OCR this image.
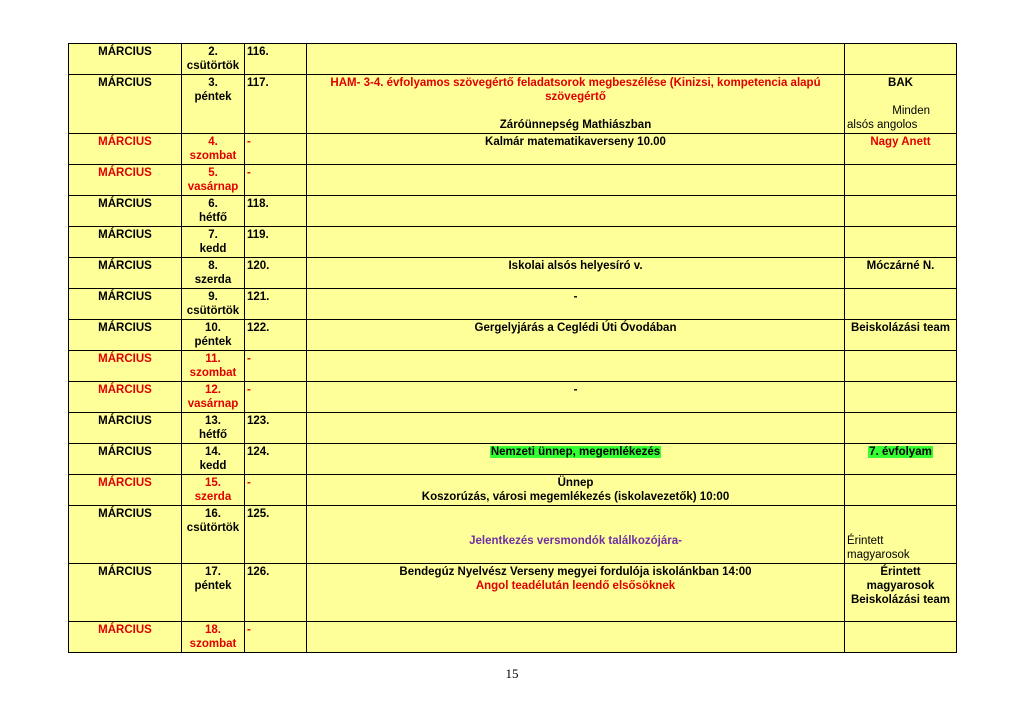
MÁRCIUS	2.
csütörtök	116.		
MÁRCIUS	3.
péntek	117.	HAM- 3-4. évfolyamos szövegértő feladatsorok megbeszélése (Kinizsi, kompetencia alapú
szövegértő

Záróünnepség Mathiászban	BAK

Minden
alsós angolos

MÁRCIUS	4.
szombat	-	Kalmár matematikaverseny 10.00	Nagy Anett
MÁRCIUS	5.
vasárnap	-		
MÁRCIUS	6.
hétfő	118.		
MÁRCIUS	7.
kedd	119.		
MÁRCIUS	8.
szerda	120.	Iskolai alsós helyesíró v.	Móczárné N.
MÁRCIUS	9.
csütörtök	121.	-	
MÁRCIUS	10.
péntek	122.	Gergelyjárás a Ceglédi Úti Óvodában	Beiskolázási team
MÁRCIUS	11.
szombat	-		
MÁRCIUS	12.
vasárnap	-	-	
MÁRCIUS	13.
hétfő	123.		
MÁRCIUS	14.
kedd	124.	Nemzeti ünnep, megemlékezés	7. évfolyam
MÁRCIUS	15.
szerda	-	Ünnep
Koszorúzás, városi megemlékezés (iskolavezetők) 10:00	
MÁRCIUS	16.
csütörtök	125.	Jelentkezés versmondók találkozójára-	Érintett
magyarosok

MÁRCIUS	17.
péntek	126.	Bendegúz Nyelvész Verseny megyei fordulója iskolánkban 14:00
Angol teadélután leendő elsősöknek	Érintett
magyarosok
Beiskolázási team
MÁRCIUS	18.
szombat	-		
15
